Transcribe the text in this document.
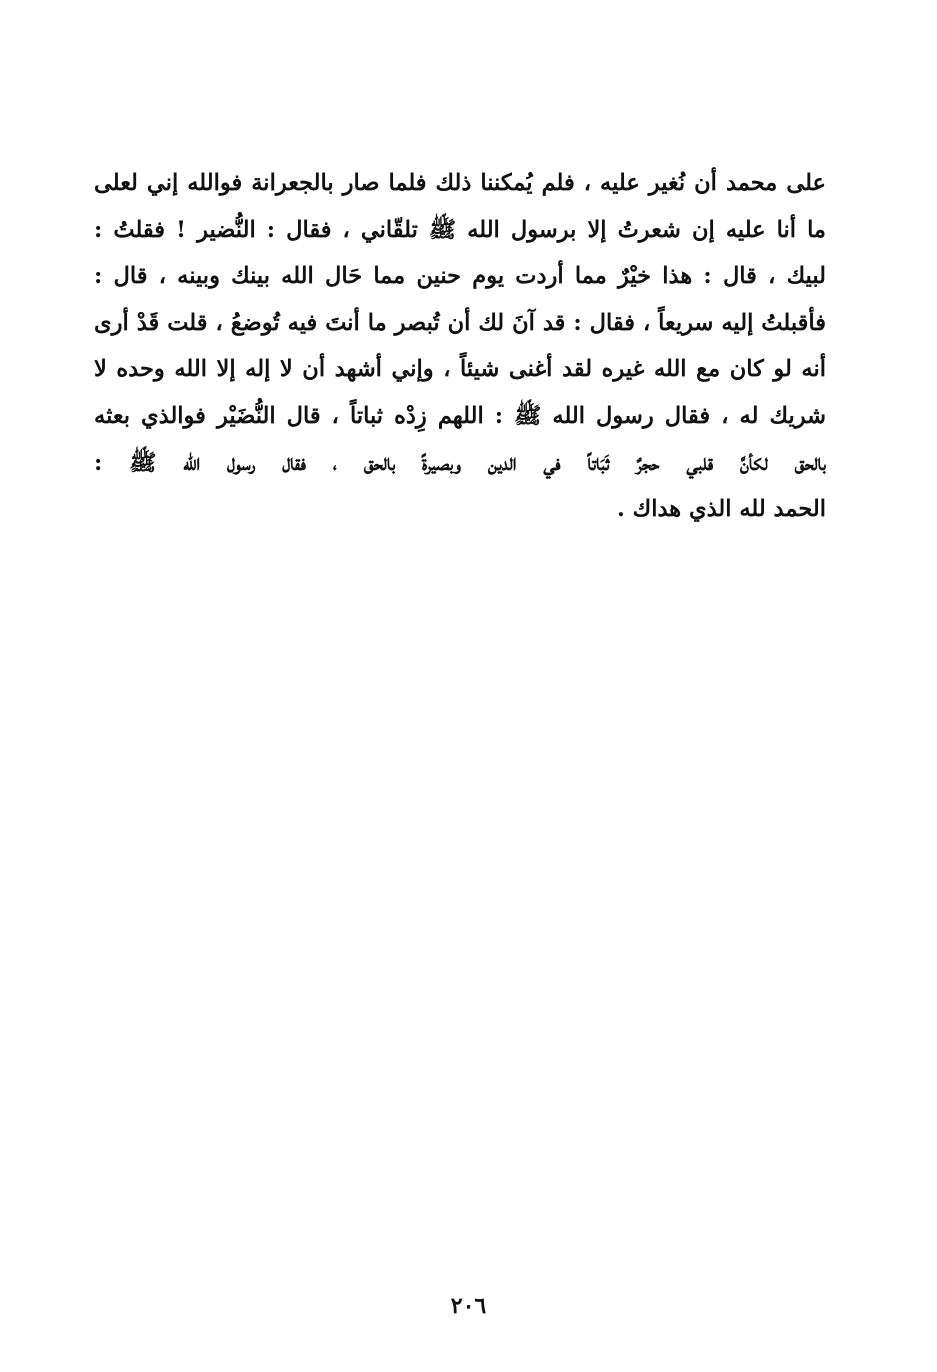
على محمد أن نُغير عليه ، فلم يُمكننا ذلك فلما صار بالجعرانة فوالله إني لعلى
ما أنا عليه إن شعرتُ إلا برسول الله ﷺ تلقّاني ، فقال : النُّضير ! فقلتُ :
لبيك ، قال : هذا خيْرٌ مما أردت يوم حنين مما حَال الله بينك وبينه ، قال :
فأقبلتُ إليه سريعاً ، فقال : قد آنَ لك أن تُبصر ما أنتَ فيه تُوضعُ ، قلت قَدْ أرى
أنه لو كان مع الله غيره لقد أغنى شيئاً ، وإني أشهد أن لا إله إلا الله وحده لا
شريك له ، فقال رسول الله ﷺ : اللهم زِدْه ثباتاً ، قال النُّضَيْر فوالذي بعثه
بالحق لكأنَّ قلبي حجرٌ ثَبَاتاً في الدين وبصيرةً بالحق ، فقال رسول الله ﷺ :
الحمد لله الذي هداك .
٢٠٦
